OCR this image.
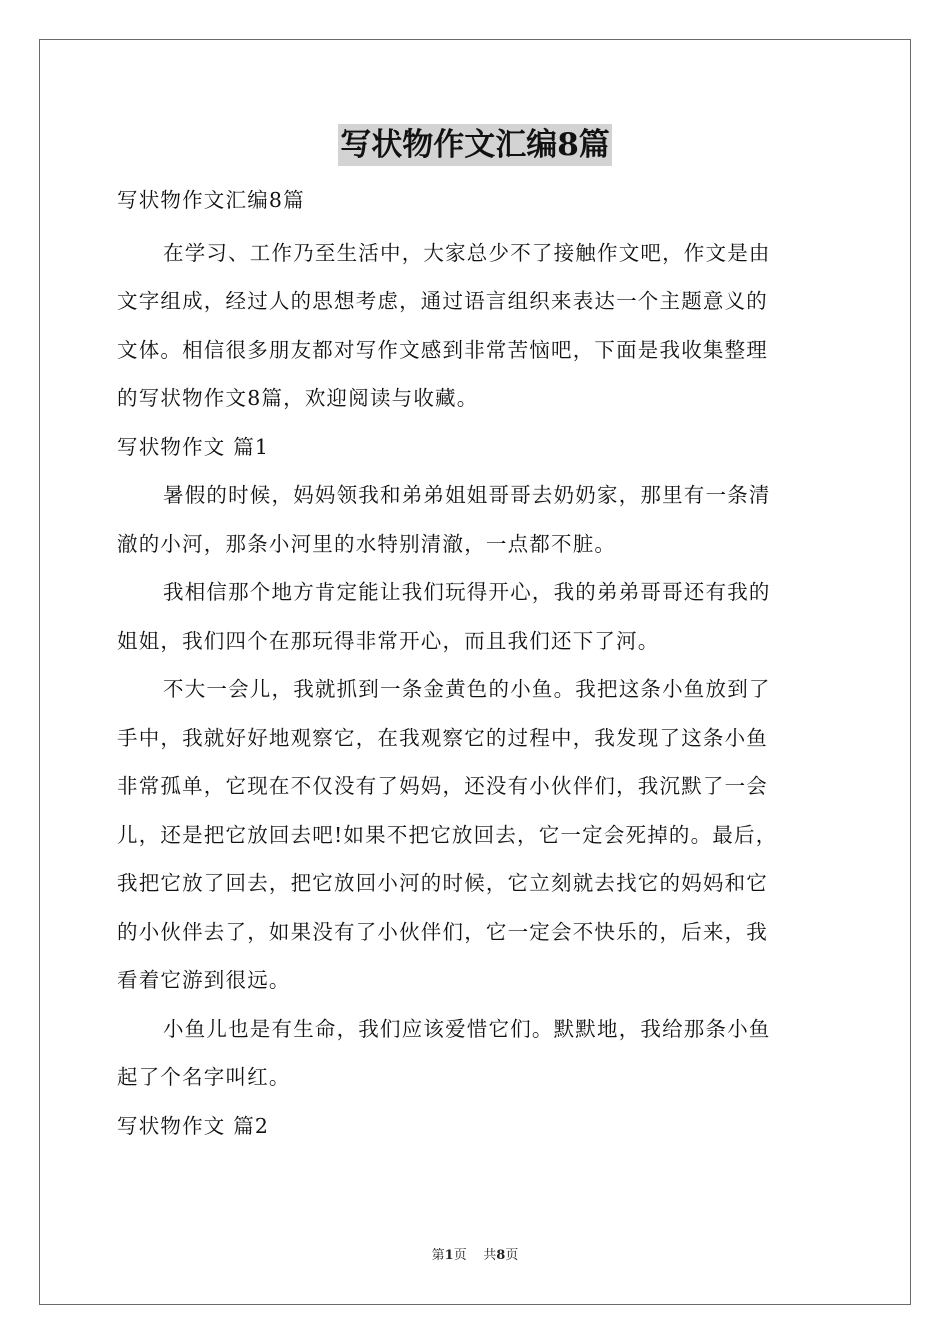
写状物作文汇编8篇

写状物作文汇编8篇

在学习、工作乃至生活中，大家总少不了接触作文吧，作文是由

文字组成，经过人的思想考虑，通过语言组织来表达一个主题意义的

文体。相信很多朋友都对写作文感到非常苦恼吧，下面是我收集整理

的写状物作文8篇，欢迎阅读与收藏。

写状物作文 篇1

暑假的时候，妈妈领我和弟弟姐姐哥哥去奶奶家，那里有一条清

澈的小河，那条小河里的水特别清澈，一点都不脏。

我相信那个地方肯定能让我们玩得开心，我的弟弟哥哥还有我的

姐姐，我们四个在那玩得非常开心，而且我们还下了河。

不大一会儿，我就抓到一条金黄色的小鱼。我把这条小鱼放到了

手中，我就好好地观察它，在我观察它的过程中，我发现了这条小鱼

非常孤单，它现在不仅没有了妈妈，还没有小伙伴们，我沉默了一会

儿，还是把它放回去吧!如果不把它放回去，它一定会死掉的。最后，

我把它放了回去，把它放回小河的时候，它立刻就去找它的妈妈和它

的小伙伴去了，如果没有了小伙伴们，它一定会不快乐的，后来，我

看着它游到很远。

小鱼儿也是有生命，我们应该爱惜它们。默默地，我给那条小鱼

起了个名字叫红。

写状物作文 篇2

第1页 共8页
